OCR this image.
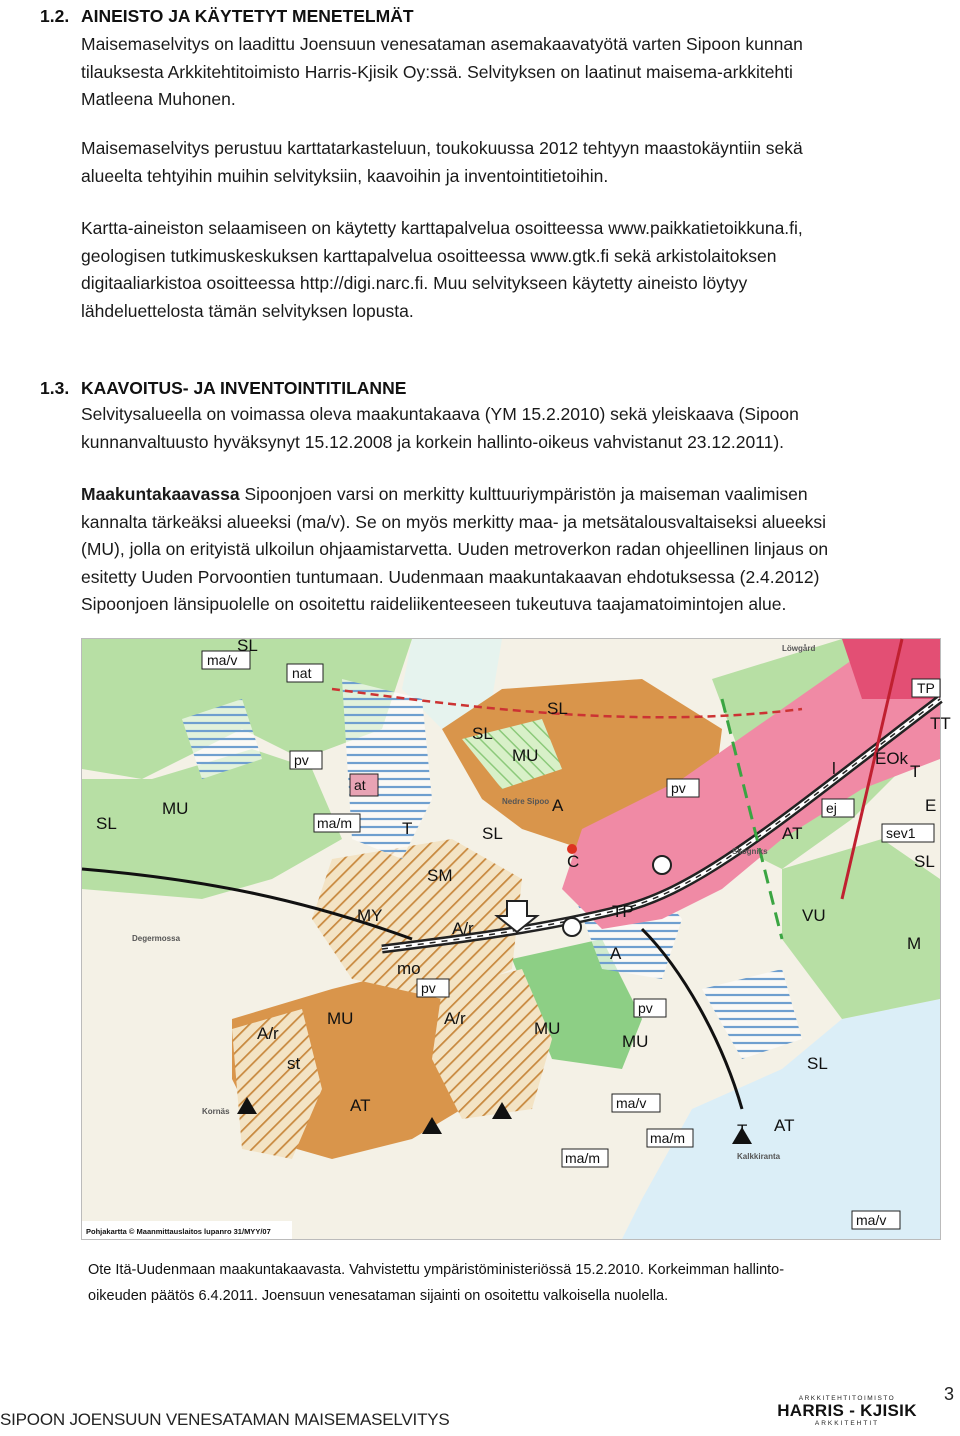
1.2. AINEISTO JA KÄYTETYT MENETELMÄT
Maisemaselvitys on laadittu Joensuun venesataman asemakaavatyötä varten Sipoon kunnan
tilauksesta Arkkitehtitoimisto Harris-Kjisik Oy:ssä. Selvityksen on laatinut maisema-arkkitehti
Matleena Muhonen.
Maisemaselvitys perustuu karttatarkasteluun, toukokuussa 2012 tehtyyn maastokäyntiin sekä
alueelta tehtyihin muihin selvityksiin, kaavoihin ja inventointitietoihin.
Kartta-aineiston selaamiseen on käytetty karttapalvelua osoitteessa www.paikkatietoikkuna.fi,
geologisen tutkimuskeskuksen karttapalvelua osoitteessa www.gtk.fi sekä arkistolaitoksen
digitaaliarkistoa osoitteessa http://digi.narc.fi. Muu selvitykseen käytetty aineisto löytyy
lähdeluettelosta tämän selvityksen lopusta.
1.3. KAAVOITUS- JA INVENTOINTITILANNE
Selvitysalueella on voimassa oleva maakuntakaava (YM 15.2.2010) sekä yleiskaava (Sipoon
kunnanvaltuusto hyväksynyt 15.12.2008 ja korkein hallinto-oikeus vahvistanut 23.12.2011).
Maakuntakaavassa Sipoonjoen varsi on merkitty kulttuuriympäristön ja maiseman vaalimisen
kannalta tärkeäksi alueeksi (ma/v). Se on myös merkitty maa- ja metsätalousvaltaiseksi alueeksi
(MU), jolla on erityistä ulkoilun ohjaamistarvetta. Uuden metroverkon radan ohjeellinen linjaus on
esitetty Uuden Porvoontien tuntumaan. Uudenmaan maakuntakaavan ehdotuksessa (2.4.2012)
Sipoonjoen länsipuolelle on osoitettu raideliikenteeseen tukeutuva taajamatoimintojen alue.
ma/v
nat
pv
ma/m
pv
pv
ma/v
ma/m
ma/m
ma/v
pv
ej
sev1
at
TP
SL
SL
SL
MU
MU
SL	T	SL
A
C
MY
A/r
mo
A
MU	A/r
MU
MU
A/r
st
AT
SL
T AT
EOk
T
E
AT
SL
VU
M
TP
l
SM
TT
Degermossa
Kornäs
Löwgård
Skogniks
Kalkkiranta
Nedre Sipoo
Pohjakartta © Maanmittauslaitos lupanro 31/MYY/07
Ote Itä-Uudenmaan maakuntakaavasta. Vahvistettu ympäristöministeriössä 15.2.2010. Korkeimman hallinto-
oikeuden päätös 6.4.2011. Joensuun venesataman sijainti on osoitettu valkoisella nuolella.
3
SIPOON JOENSUUN VENESATAMAN MAISEMASELVITYS
ARKKITEHTITOIMISTO
HARRIS - KJISIK
ARKKITEHTIT
